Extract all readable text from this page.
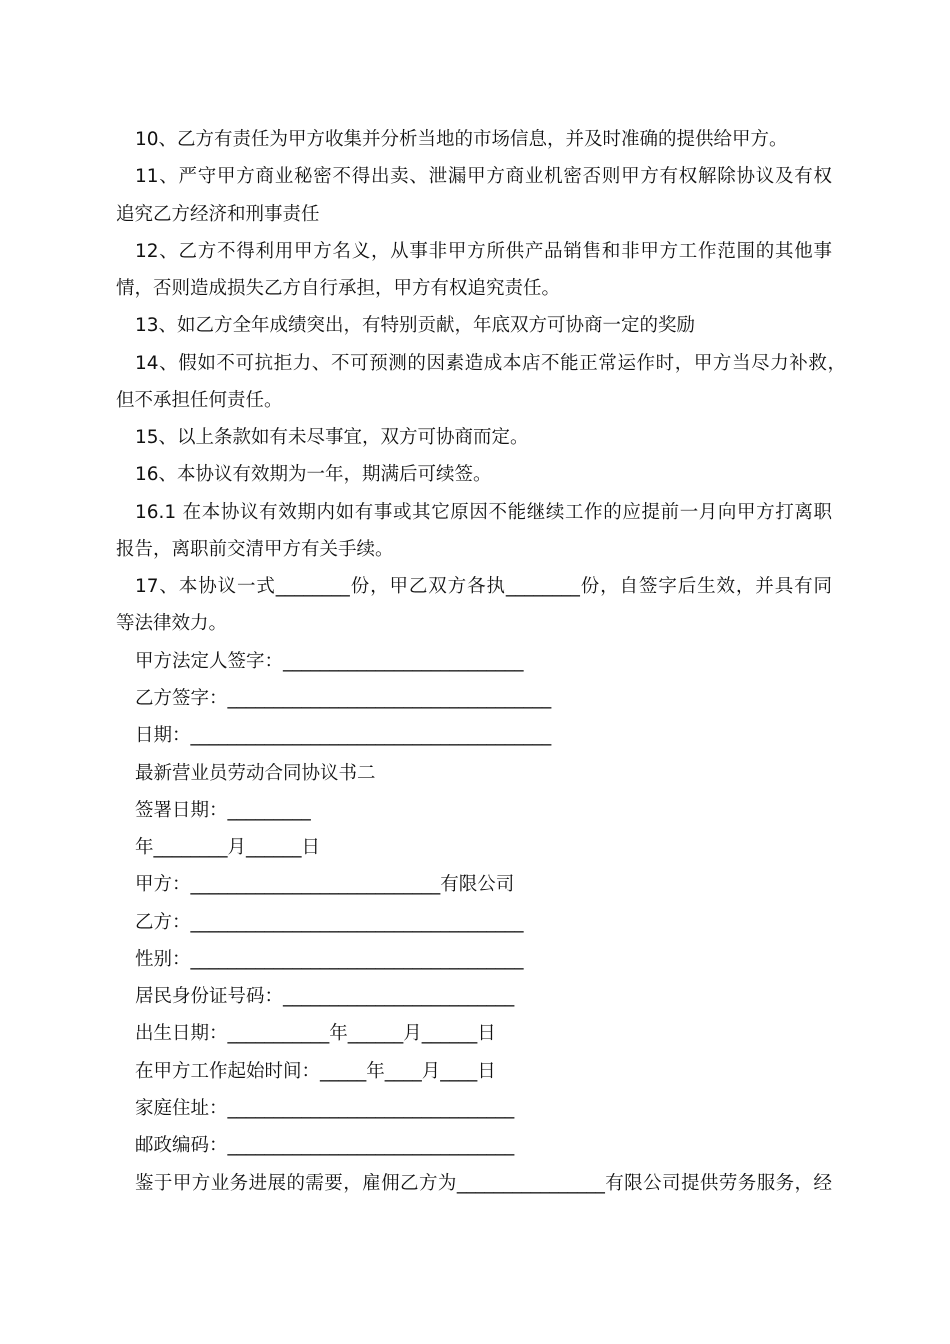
10、乙方有责任为甲方收集并分析当地的市场信息，并及时准确的提供给甲方。
11、严守甲方商业秘密不得出卖、泄漏甲方商业机密否则甲方有权解除协议及有权
追究乙方经济和刑事责任
12、乙方不得利用甲方名义，从事非甲方所供产品销售和非甲方工作范围的其他事
情，否则造成损失乙方自行承担，甲方有权追究责任。
13、如乙方全年成绩突出，有特别贡献，年底双方可协商一定的奖励
14、假如不可抗拒力、不可预测的因素造成本店不能正常运作时，甲方当尽力补救，
但不承担任何责任。
15、以上条款如有未尽事宜，双方可协商而定。
16、本协议有效期为一年，期满后可续签。
16.1 在本协议有效期内如有事或其它原因不能继续工作的应提前一月向甲方打离职
报告，离职前交清甲方有关手续。
17、本协议一式________份，甲乙双方各执________份，自签字后生效，并具有同
等法律效力。
甲方法定人签字：__________________________
乙方签字：___________________________________
日期：_______________________________________
最新营业员劳动合同协议书二
签署日期：_________
年________月______日
甲方：___________________________有限公司
乙方：____________________________________
性别：____________________________________
居民身份证号码：_________________________
出生日期：___________年______月______日
在甲方工作起始时间：_____年____月____日
家庭住址：_______________________________
邮政编码：_______________________________
鉴于甲方业务进展的需要，雇佣乙方为________________有限公司提供劳务服务，经
